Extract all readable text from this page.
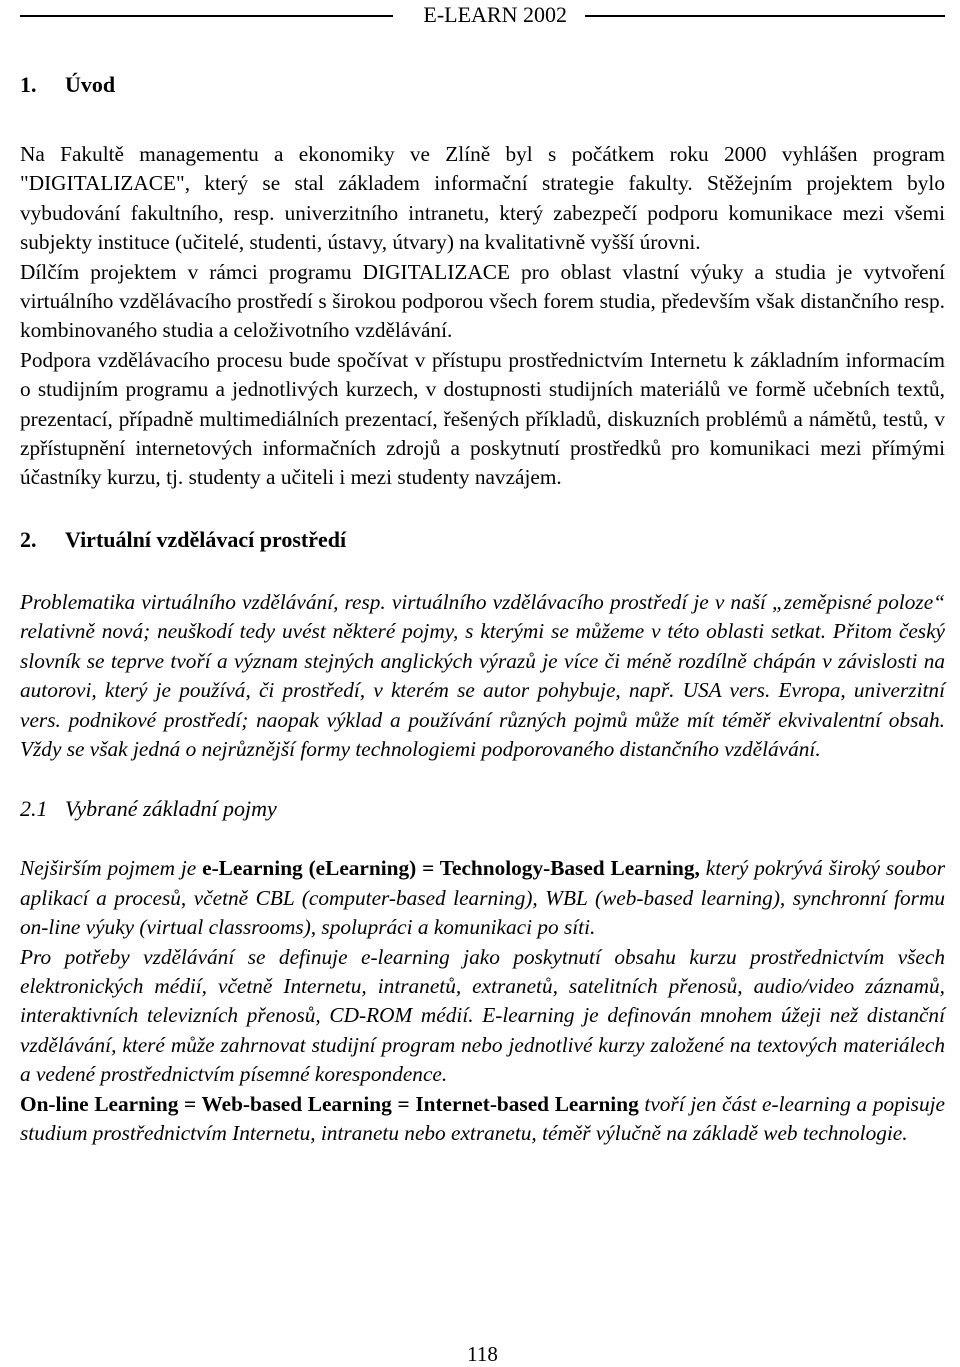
E-LEARN 2002
1. Úvod

Na Fakultě managementu a ekonomiky ve Zlíně byl s počátkem roku 2000 vyhlášen program "DIGITALIZACE", který se stal základem informační strategie fakulty. Stěžejním projektem bylo vybudování fakultního, resp. univerzitního intranetu, který zabezpečí podporu komunikace mezi všemi subjekty instituce (učitelé, studenti, ústavy, útvary) na kvalitativně vyšší úrovni.

Dílčím projektem v rámci programu DIGITALIZACE pro oblast vlastní výuky a studia je vytvoření virtuálního vzdělávacího prostředí s širokou podporou všech forem studia, především však distančního resp. kombinovaného studia a celoživotního vzdělávání.

Podpora vzdělávacího procesu bude spočívat v přístupu prostřednictvím Internetu k základním informacím o studijním programu a jednotlivých kurzech, v dostupnosti studijních materiálů ve formě učebních textů, prezentací, případně multimediálních prezentací, řešených příkladů, diskuzních problémů a námětů, testů, v zpřístupnění internetových informačních zdrojů a poskytnutí prostředků pro komunikaci mezi přímými účastníky kurzu, tj. studenty a učiteli i mezi studenty navzájem.

2. Virtuální vzdělávací prostředí

Problematika virtuálního vzdělávání, resp. virtuálního vzdělávacího prostředí je v naší „zeměpisné poloze“ relativně nová; neuškodí tedy uvést některé pojmy, s kterými se můžeme v této oblasti setkat. Přitom český slovník se teprve tvoří a význam stejných anglických výrazů je více či méně rozdílně chápán v závislosti na autorovi, který je používá, či prostředí, v kterém se autor pohybuje, např. USA vers. Evropa, univerzitní vers. podnikové prostředí; naopak výklad a používání různých pojmů může mít téměř ekvivalentní obsah. Vždy se však jedná o nejrůznější formy technologiemi podporovaného distančního vzdělávání.

2.1 Vybrané základní pojmy

Nejširším pojmem je e-Learning (eLearning) = Technology-Based Learning, který pokrývá široký soubor aplikací a procesů, včetně CBL (computer-based learning), WBL (web-based learning), synchronní formu on-line výuky (virtual classrooms), spolupráci a komunikaci po síti.

Pro potřeby vzdělávání se definuje e-learning jako poskytnutí obsahu kurzu prostřednictvím všech elektronických médií, včetně Internetu, intranetů, extranetů, satelitních přenosů, audio/video záznamů, interaktivních televizních přenosů, CD-ROM médií. E-learning je definován mnohem úžeji než distanční vzdělávání, které může zahrnovat studijní program nebo jednotlivé kurzy založené na textových materiálech a vedené prostřednictvím písemné korespondence.

On-line Learning = Web-based Learning = Internet-based Learning tvoří jen část e-learning a popisuje studium prostřednictvím Internetu, intranetu nebo extranetu, téměř výlučně na základě web technologie.

118
